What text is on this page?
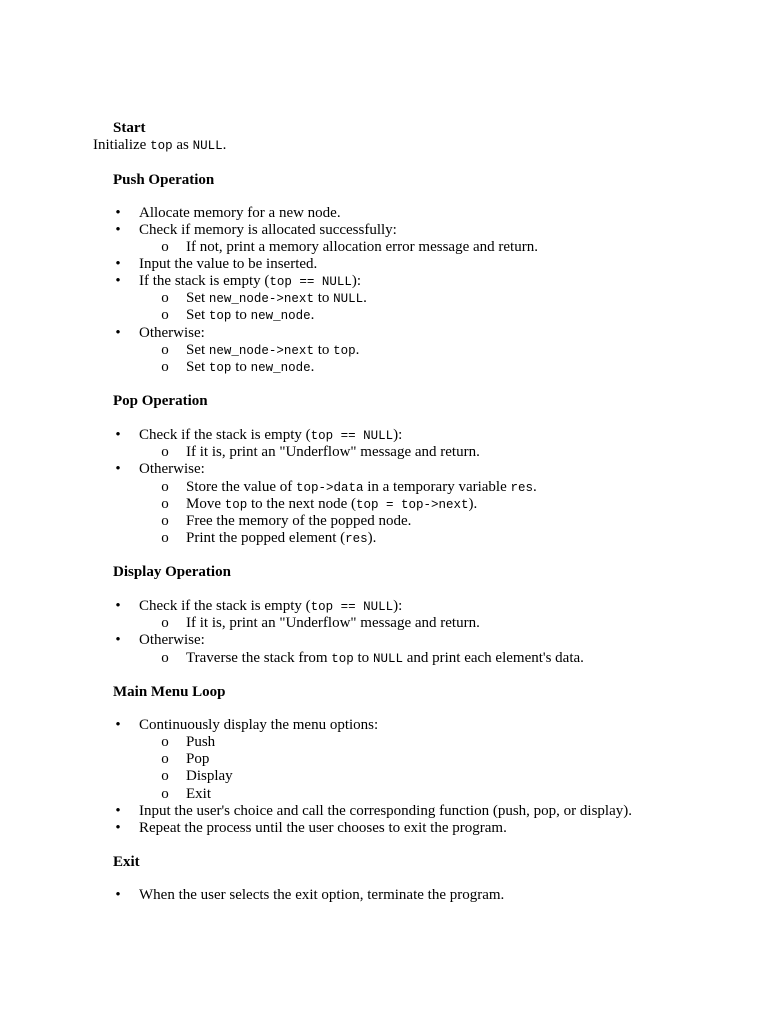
Start
Initialize top as NULL.
Push Operation
• Allocate memory for a new node.
• Check if memory is allocated successfully:
o If not, print a memory allocation error message and return.
• Input the value to be inserted.
• If the stack is empty (top == NULL):
o Set new_node->next to NULL.
o Set top to new_node.
• Otherwise:
o Set new_node->next to top.
o Set top to new_node.
Pop Operation
• Check if the stack is empty (top == NULL):
o If it is, print an "Underflow" message and return.
• Otherwise:
o Store the value of top->data in a temporary variable res.
o Move top to the next node (top = top->next).
o Free the memory of the popped node.
o Print the popped element (res).
Display Operation
• Check if the stack is empty (top == NULL):
o If it is, print an "Underflow" message and return.
• Otherwise:
o Traverse the stack from top to NULL and print each element's data.
Main Menu Loop
• Continuously display the menu options:
o Push
o Pop
o Display
o Exit
• Input the user's choice and call the corresponding function (push, pop, or display).
• Repeat the process until the user chooses to exit the program.
Exit
• When the user selects the exit option, terminate the program.
